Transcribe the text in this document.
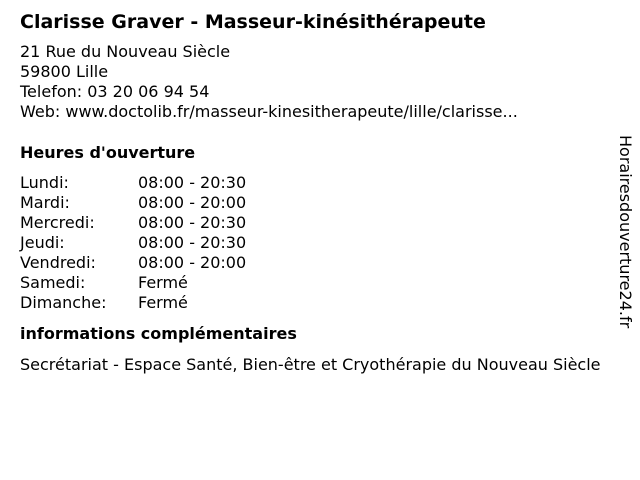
Clarisse Graver - Masseur-kinésithérapeute
21 Rue du Nouveau Siècle
59800 Lille
Telefon: 03 20 06 94 54
Web: www.doctolib.fr/masseur-kinesitherapeute/lille/clarisse...
Heures d'ouverture
Lundi:	08:00 - 20:30
Mardi:	08:00 - 20:00
Mercredi:	08:00 - 20:30
Jeudi:	08:00 - 20:30
Vendredi:	08:00 - 20:00
Samedi:	Fermé
Dimanche:	Fermé
informations complémentaires
Secrétariat - Espace Santé, Bien-être et Cryothérapie du Nouveau Siècle
Horairesdouverture24.fr
